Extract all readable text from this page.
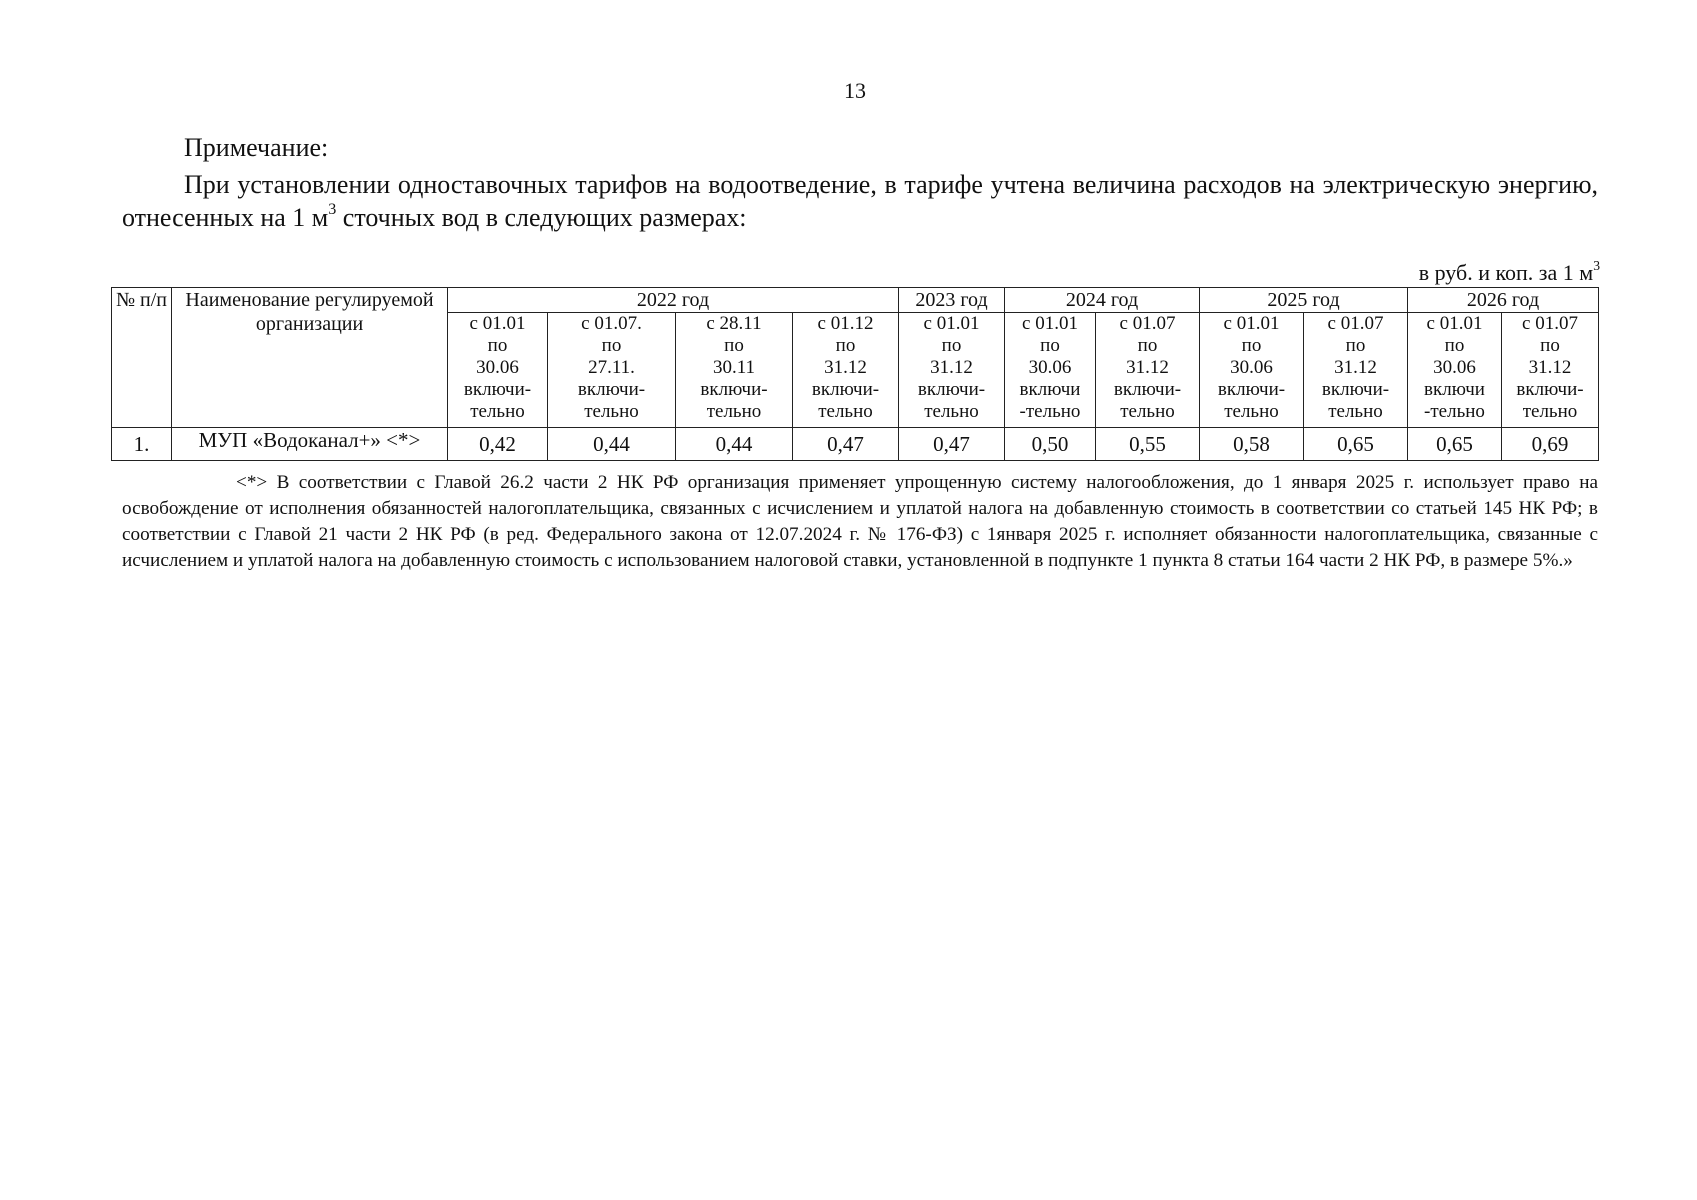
13
Примечание:
При установлении одноставочных тарифов на водоотведение, в тарифе учтена величина расходов на электрическую энергию, отнесенных на 1 $м^3$ сточных вод в следующих размерах:
в руб. и коп. за 1 $м^3$
№ п/п	Наименование регулируемой организации	2022 год				2023 год	2024 год		2025 год		2026 год	

		с 01.01
по
30.06
включи-
тельно	с 01.07.
по
27.11.
включи-
тельно	с 28.11
по
30.11
включи-
тельно	с 01.12
по
31.12
включи-
тельно	с 01.01
по
31.12
включи-
тельно	с 01.01
по
30.06
включи
-тельно	с 01.07
по
31.12
включи-
тельно	с 01.01
по
30.06
включи-
тельно	с 01.07
по
31.12
включи-
тельно	с 01.01
по
30.06
включи
-тельно	с 01.07
по
31.12
включи-
тельно

1.	МУП «Водоканал+» <*>	0,42	0,44	0,44	0,47	0,47	0,50	0,55	0,58	0,65	0,65	0,69
<*> В соответствии с Главой 26.2 части 2 НК РФ организация применяет упрощенную систему налогообложения, до 1 января 2025 г. использует право на освобождение от исполнения обязанностей налогоплательщика, связанных с исчислением и уплатой налога на добавленную стоимость в соответствии со статьей 145 НК РФ; в соответствии с Главой 21 части 2 НК РФ (в ред. Федерального закона от 12.07.2024 г. № 176-ФЗ) с 1января 2025 г. исполняет обязанности налогоплательщика, связанные с исчислением и уплатой налога на добавленную стоимость с использованием налоговой ставки, установленной в подпункте 1 пункта 8 статьи 164 части 2 НК РФ, в размере 5%.»
